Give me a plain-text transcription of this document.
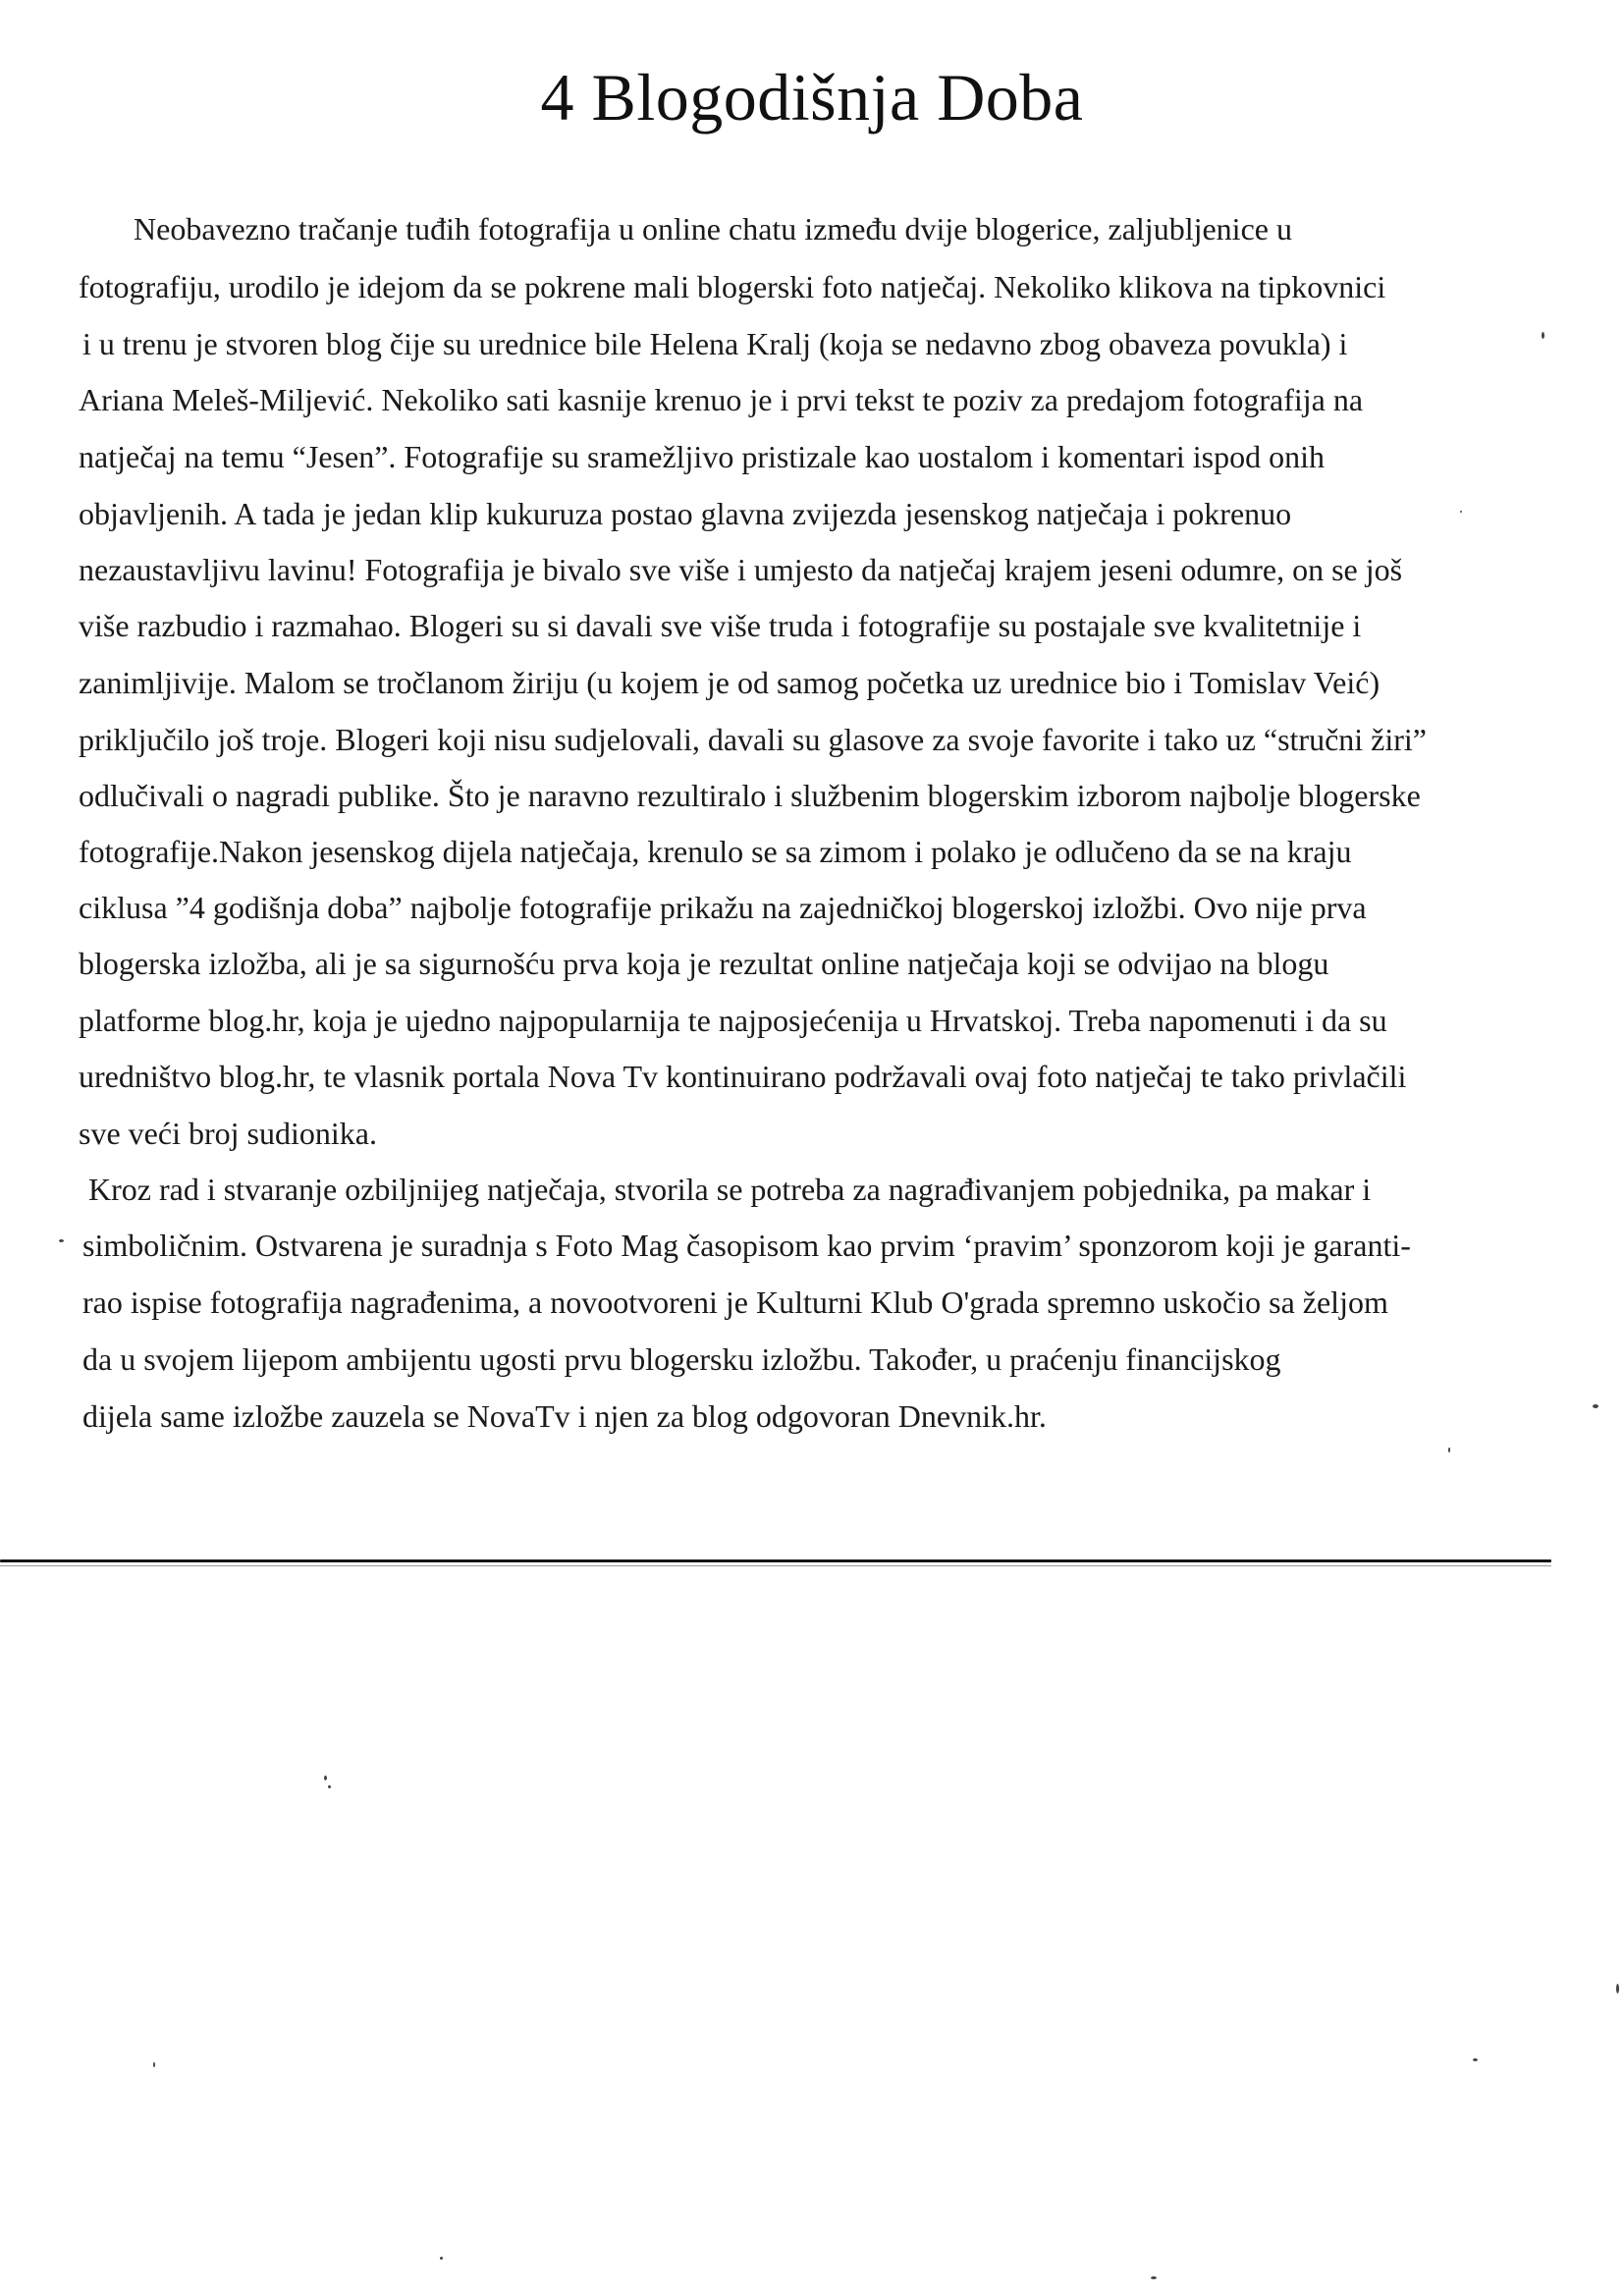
4 Blogodišnja Doba
Neobavezno tračanje tuđih fotografija u online chatu između dvije blogerice, zaljubljenice u
fotografiju, urodilo je idejom da se pokrene mali blogerski foto natječaj. Nekoliko klikova na tipkovnici
i u trenu je stvoren blog čije su urednice bile Helena Kralj (koja se nedavno zbog obaveza povukla) i
Ariana Meleš-Miljević. Nekoliko sati kasnije krenuo je i prvi tekst te poziv za predajom fotografija na
natječaj na temu “Jesen”. Fotografije su sramežljivo pristizale kao uostalom i komentari ispod onih
objavljenih. A tada je jedan klip kukuruza postao glavna zvijezda jesenskog natječaja i pokrenuo
nezaustavljivu lavinu! Fotografija je bivalo sve više i umjesto da natječaj krajem jeseni odumre, on se još
više razbudio i razmahao. Blogeri su si davali sve više truda i fotografije su postajale sve kvalitetnije i
zanimljivije. Malom se tročlanom žiriju (u kojem je od samog početka uz urednice bio i Tomislav Veić)
priključilo još troje. Blogeri koji nisu sudjelovali, davali su glasove za svoje favorite i tako uz “stručni žiri”
odlučivali o nagradi publike. Što je naravno rezultiralo i službenim blogerskim izborom najbolje blogerske
fotografije.Nakon jesenskog dijela natječaja, krenulo se sa zimom i polako je odlučeno da se na kraju
ciklusa ”4 godišnja doba” najbolje fotografije prikažu na zajedničkoj blogerskoj izložbi. Ovo nije prva
blogerska izložba, ali je sa sigurnošću prva koja je rezultat online natječaja koji se odvijao na blogu
platforme blog.hr, koja je ujedno najpopularnija te najposjećenija u Hrvatskoj. Treba napomenuti i da su
uredništvo blog.hr, te vlasnik portala Nova Tv kontinuirano podržavali ovaj foto natječaj te tako privlačili
sve veći broj sudionika.
Kroz rad i stvaranje ozbiljnijeg natječaja, stvorila se potreba za nagrađivanjem pobjednika, pa makar i
simboličnim. Ostvarena je suradnja s Foto Mag časopisom kao prvim ‘pravim’ sponzorom koji je garanti-
rao ispise fotografija nagrađenima, a novootvoreni je Kulturni Klub O'grada spremno uskočio sa željom
da u svojem lijepom ambijentu ugosti prvu blogersku izložbu. Također, u praćenju financijskog
dijela same izložbe zauzela se NovaTv i njen za blog odgovoran Dnevnik.hr.
